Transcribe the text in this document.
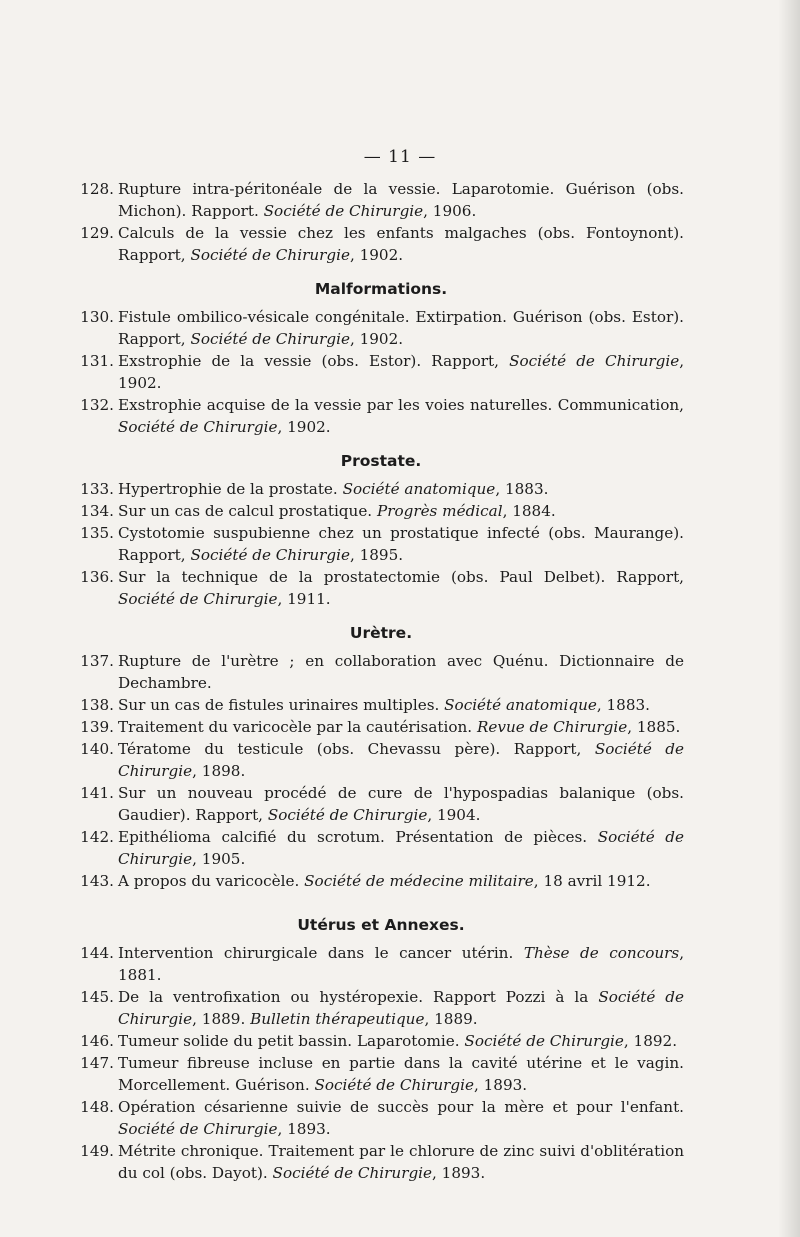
— 11 —
128. Rupture intra-péritonéale de la vessie. Laparotomie. Guérison (obs. Michon). Rapport. Société de Chirurgie, 1906.
129. Calculs de la vessie chez les enfants malgaches (obs. Fontoynont). Rapport, Société de Chirurgie, 1902.
Malformations.
130. Fistule ombilico-vésicale congénitale. Extirpation. Guérison (obs. Estor). Rapport, Société de Chirurgie, 1902.
131. Exstrophie de la vessie (obs. Estor). Rapport, Société de Chirurgie, 1902.
132. Exstrophie acquise de la vessie par les voies naturelles. Communication, Société de Chirurgie, 1902.
Prostate.
133. Hypertrophie de la prostate. Société anatomique, 1883.
134. Sur un cas de calcul prostatique. Progrès médical, 1884.
135. Cystotomie suspubienne chez un prostatique infecté (obs. Maurange). Rapport, Société de Chirurgie, 1895.
136. Sur la technique de la prostatectomie (obs. Paul Delbet). Rapport, Société de Chirurgie, 1911.
Urètre.
137. Rupture de l'urètre ; en collaboration avec Quénu. Dictionnaire de Dechambre.
138. Sur un cas de fistules urinaires multiples. Société anatomique, 1883.
139. Traitement du varicocèle par la cautérisation. Revue de Chirurgie, 1885.
140. Tératome du testicule (obs. Chevassu père). Rapport, Société de Chirurgie, 1898.
141. Sur un nouveau procédé de cure de l'hypospadias balanique (obs. Gaudier). Rapport, Société de Chirurgie, 1904.
142. Epithélioma calcifié du scrotum. Présentation de pièces. Société de Chirurgie, 1905.
143. A propos du varicocèle. Société de médecine militaire, 18 avril 1912.
Utérus et Annexes.
144. Intervention chirurgicale dans le cancer utérin. Thèse de concours, 1881.
145. De la ventrofixation ou hystéropexie. Rapport Pozzi à la Société de Chirurgie, 1889. Bulletin thérapeutique, 1889.
146. Tumeur solide du petit bassin. Laparotomie. Société de Chirurgie, 1892.
147. Tumeur fibreuse incluse en partie dans la cavité utérine et le vagin. Morcellement. Guérison. Société de Chirurgie, 1893.
148. Opération césarienne suivie de succès pour la mère et pour l'enfant. Société de Chirurgie, 1893.
149. Métrite chronique. Traitement par le chlorure de zinc suivi d'oblitération du col (obs. Dayot). Société de Chirurgie, 1893.
